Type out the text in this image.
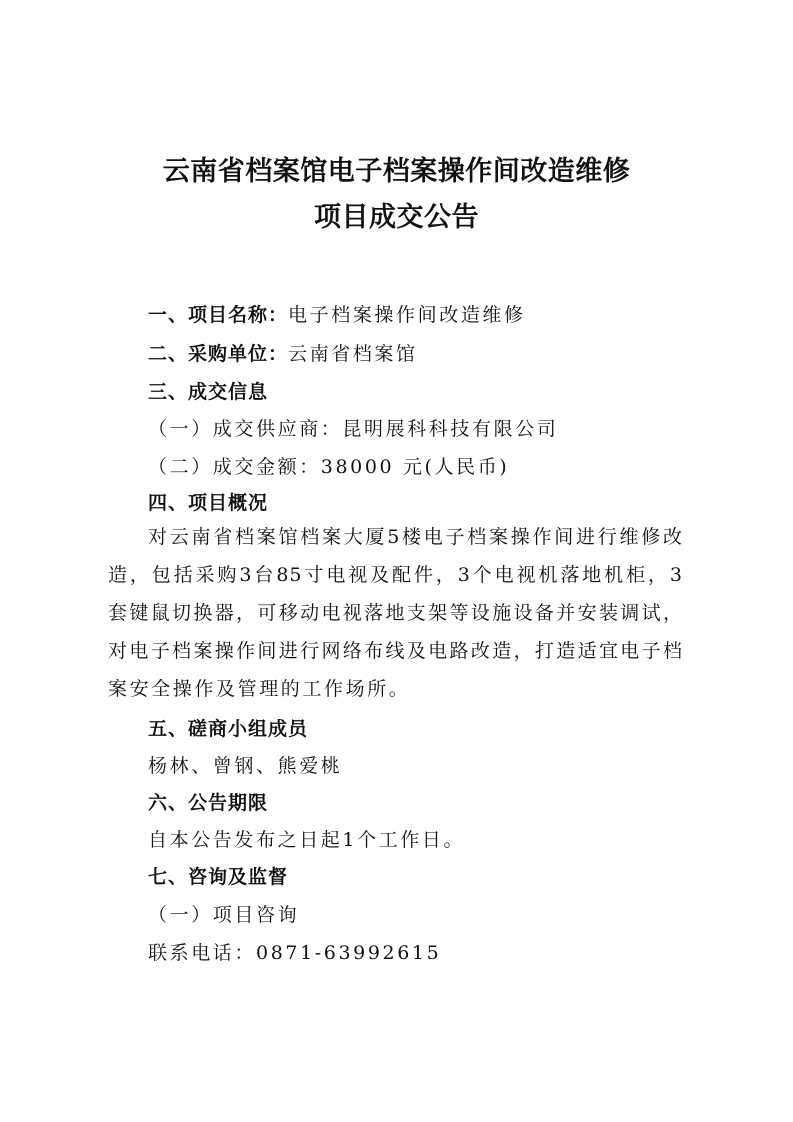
云南省档案馆电子档案操作间改造维修
项目成交公告

一、项目名称：电子档案操作间改造维修

二、采购单位：云南省档案馆

三、成交信息

（一）成交供应商：昆明展科科技有限公司

（二）成交金额：38000 元(人民币)

四、项目概况

对云南省档案馆档案大厦5楼电子档案操作间进行维修改
造，包括采购3台85寸电视及配件，3个电视机落地机柜，3
套键鼠切换器，可移动电视落地支架等设施设备并安装调试，
对电子档案操作间进行网络布线及电路改造，打造适宜电子档
案安全操作及管理的工作场所。

五、磋商小组成员

杨林、曾钢、熊爱桃

六、公告期限

自本公告发布之日起1个工作日。

七、咨询及监督

（一）项目咨询

联系电话：0871-63992615
